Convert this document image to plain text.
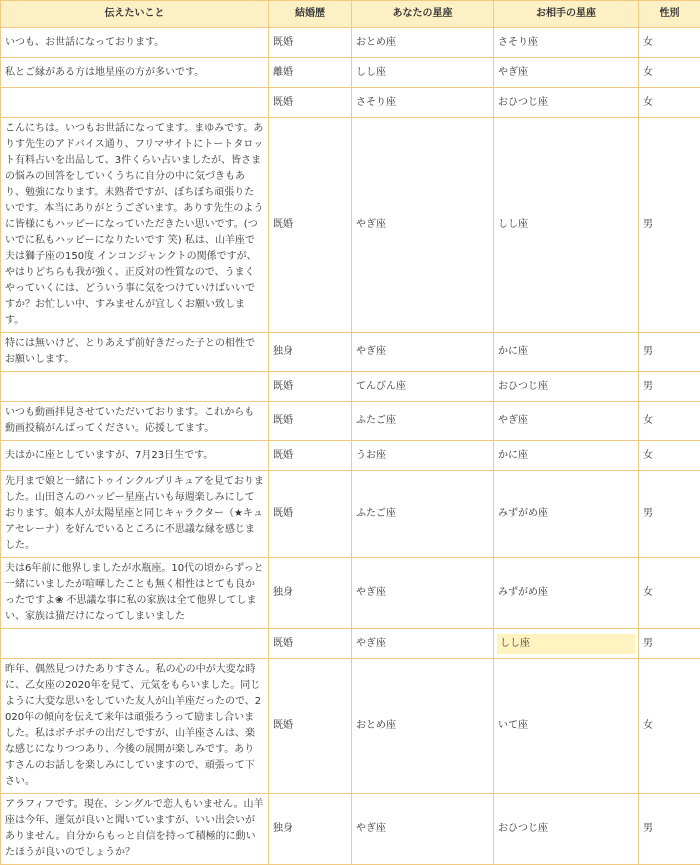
伝えたいこと	結婚歴	あなたの星座	お相手の星座	性別
いつも、お世話になっております。	既婚	おとめ座	さそり座	女
私とご縁がある方は地星座の方が多いです。	離婚	しし座	やぎ座	女
	既婚	さそり座	おひつじ座	女
こんにちは。いつもお世話になってます。まゆみです。ありす先生のアドバイス通り、フリマサイトにトートタロット有料占いを出品して、3件くらい占いましたが、皆さまの悩みの回答をしていくうちに自分の中に気づきもあり、勉強になります。未熟者ですが、ぼちぼち頑張りたいです。本当にありがとうございます。ありす先生のように皆様にもハッピーになっていただきたい思いです。(ついでに私もハッピーになりたいです 笑) 私は、山羊座で夫は獅子座の150度 インコンジャンクトの関係ですが、やはりどちらも我が強く、正反対の性質なので、うまくやっていくには、どういう事に気をつけていけばいいですか？お忙しい中、すみませんが宜しくお願い致します。	既婚	やぎ座	しし座	男
特には無いけど、とりあえず前好きだった子との相性でお願いします。	独身	やぎ座	かに座	男
	既婚	てんびん座	おひつじ座	男
いつも動画拝見させていただいております。これからも動画投稿がんばってください。応援してます。	既婚	ふたご座	やぎ座	女
夫はかに座としていますが、7月23日生です。	既婚	うお座	かに座	女
先月まで娘と一緒にトゥインクルプリキュアを見ておりました。山田さんのハッピー星座占いも毎週楽しみにしております。娘本人が太陽星座と同じキャラクター（★キュアセレーナ）を好んでいるところに不思議な縁を感じました。	既婚	ふたご座	みずがめ座	男
夫は6年前に他界しましたが水瓶座。10代の頃からずっと一緒にいましたが喧嘩したことも無く相性はとても良かったですよ❀ 不思議な事に私の家族は全て他界してしまい、家族は猫だけになってしまいました	独身	やぎ座	みずがめ座	女
	既婚	やぎ座	しし座	男
昨年、偶然見つけたありすさん。私の心の中が大変な時に、乙女座の2020年を見て、元気をもらいました。同じように大変な思いをしていた友人が山羊座だったので、2020年の傾向を伝えて来年は頑張ろうって励まし合いました。私はボチボチの出だしですが、山羊座さんは、楽な感じになりつつあり、今後の展開が楽しみです。ありすさんのお話しを楽しみにしていますので、頑張って下さい。	既婚	おとめ座	いて座	女
アラフィフです。現在、シングルで恋人もいません。山羊座は今年、運気が良いと聞いていますが、いい出会いがありません。自分からもっと自信を持って積極的に動いたほうが良いのでしょうか？	独身	やぎ座	おひつじ座	男
